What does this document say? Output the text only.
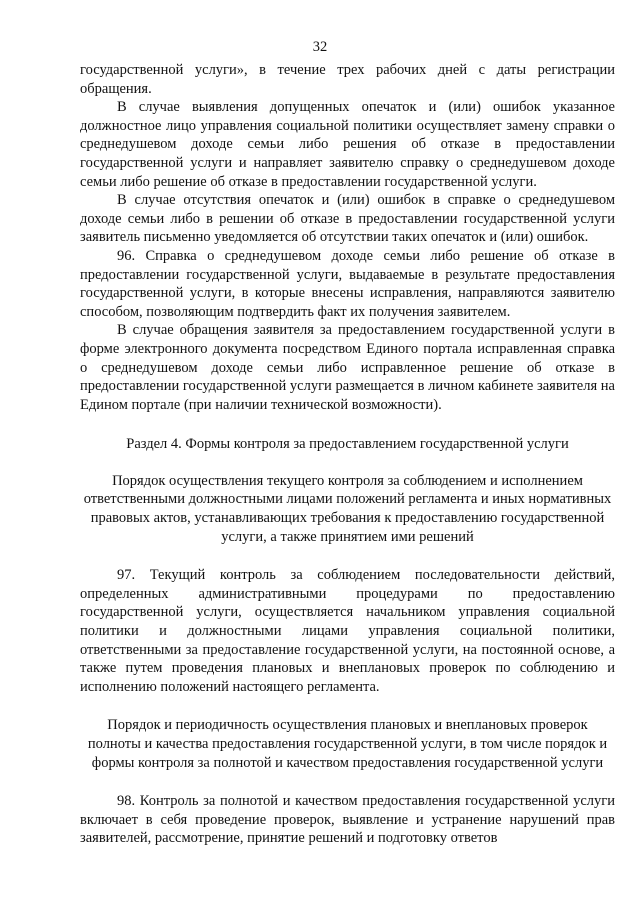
32

государственной услуги», в течение трех рабочих дней с даты регистрации обращения.

В случае выявления допущенных опечаток и (или) ошибок указанное должностное лицо управления социальной политики осуществляет замену справки о среднедушевом доходе семьи либо решения об отказе в предоставлении государственной услуги и направляет заявителю справку о среднедушевом доходе семьи либо решение об отказе в предоставлении государственной услуги.

В случае отсутствия опечаток и (или) ошибок в справке о среднедушевом доходе семьи либо в решении об отказе в предоставлении государственной услуги заявитель письменно уведомляется об отсутствии таких опечаток и (или) ошибок.

96. Справка о среднедушевом доходе семьи либо решение об отказе в предоставлении государственной услуги, выдаваемые в результате предоставления государственной услуги, в которые внесены исправления, направляются заявителю способом, позволяющим подтвердить факт их получения заявителем.

В случае обращения заявителя за предоставлением государственной услуги в форме электронного документа посредством Единого портала исправленная справка о среднедушевом доходе семьи либо исправленное решение об отказе в предоставлении государственной услуги размещается в личном кабинете заявителя на Едином портале (при наличии технической возможности).

Раздел 4. Формы контроля за предоставлением государственной услуги

Порядок осуществления текущего контроля за соблюдением и исполнением ответственными должностными лицами положений регламента и иных нормативных правовых актов, устанавливающих требования к предоставлению государственной услуги, а также принятием ими решений

97. Текущий контроль за соблюдением последовательности действий, определенных административными процедурами по предоставлению государственной услуги, осуществляется начальником управления социальной политики и должностными лицами управления социальной политики, ответственными за предоставление государственной услуги, на постоянной основе, а также путем проведения плановых и внеплановых проверок по соблюдению и исполнению положений настоящего регламента.

Порядок и периодичность осуществления плановых и внеплановых проверок полноты и качества предоставления государственной услуги, в том числе порядок и формы контроля за полнотой и качеством предоставления государственной услуги

98. Контроль за полнотой и качеством предоставления государственной услуги включает в себя проведение проверок, выявление и устранение нарушений прав заявителей, рассмотрение, принятие решений и подготовку ответов
